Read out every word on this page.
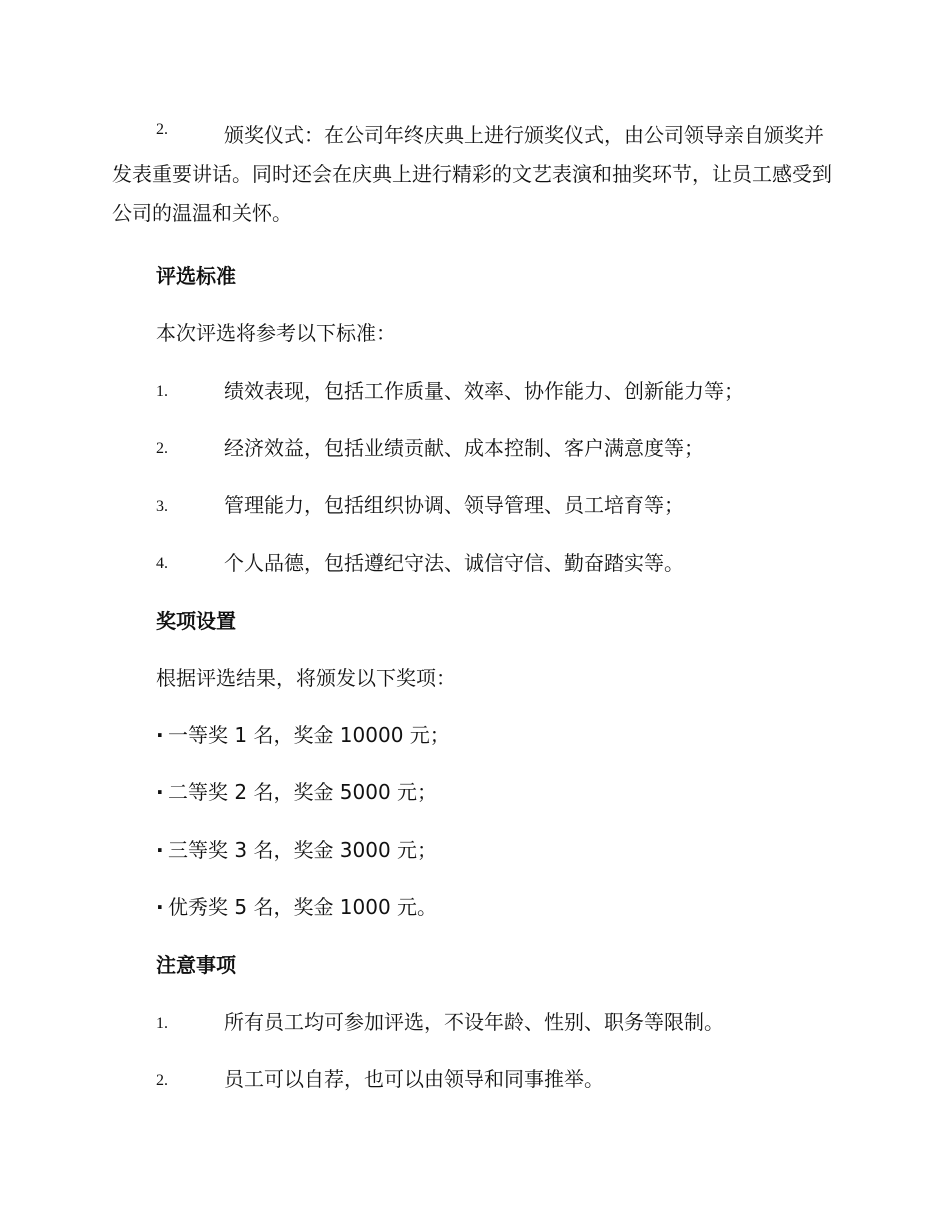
2.	颁奖仪式：在公司年终庆典上进行颁奖仪式，由公司领导亲自颁奖并发表重要讲话。同时还会在庆典上进行精彩的文艺表演和抽奖环节，让员工感受到公司的温温和关怀。
评选标准
本次评选将参考以下标准：
1.	绩效表现，包括工作质量、效率、协作能力、创新能力等；
2.	经济效益，包括业绩贡献、成本控制、客户满意度等；
3.	管理能力，包括组织协调、领导管理、员工培育等；
4.	个人品德，包括遵纪守法、诚信守信、勤奋踏实等。
奖项设置
根据评选结果，将颁发以下奖项：
· 一等奖 1 名，奖金 10000 元；
· 二等奖 2 名，奖金 5000 元；
· 三等奖 3 名，奖金 3000 元；
· 优秀奖 5 名，奖金 1000 元。
注意事项
1.	所有员工均可参加评选，不设年龄、性别、职务等限制。
2.	员工可以自荐，也可以由领导和同事推举。
